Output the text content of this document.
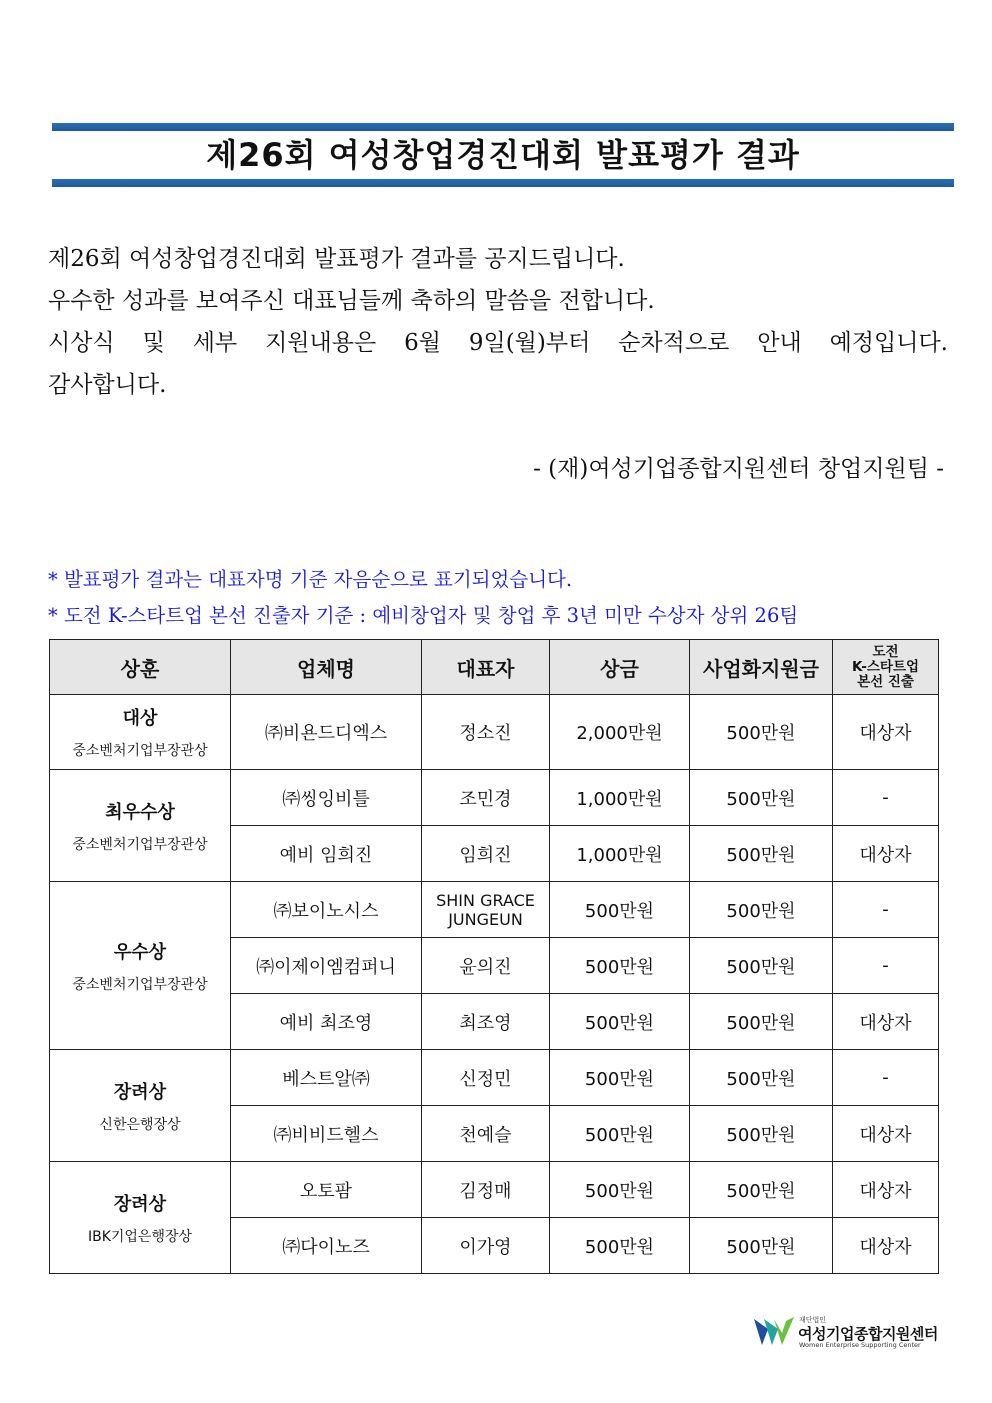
제26회 여성창업경진대회 발표평가 결과
제26회 여성창업경진대회 발표평가 결과를 공지드립니다.
우수한 성과를 보여주신 대표님들께 축하의 말씀을 전합니다.
시상식 및 세부 지원내용은 6월 9일(월)부터 순차적으로 안내 예정입니다.
감사합니다.
- (재)여성기업종합지원센터 창업지원팀 -
* 발표평가 결과는 대표자명 기준 자음순으로 표기되었습니다.
* 도전 K-스타트업 본선 진출자 기준 : 예비창업자 및 창업 후 3년 미만 수상자 상위 26팀
상훈	업체명	대표자	상금	사업화지원금	도전
K-스타트업
본선 진출

대상
중소벤처기업부장관상	㈜비욘드디엑스	정소진	2,000만원	500만원	대상자

최우수상
중소벤처기업부장관상	㈜씽잉비틀	조민경	1,000만원	500만원	-
	예비 임희진	임희진	1,000만원	500만원	대상자

우수상
중소벤처기업부장관상	㈜보이노시스	SHIN GRACE
JUNGEUN	500만원	500만원	-
	㈜이제이엠컴퍼니	윤의진	500만원	500만원	-
	예비 최조영	최조영	500만원	500만원	대상자

장려상
신한은행장상	베스트알㈜	신정민	500만원	500만원	-
	㈜비비드헬스	천예슬	500만원	500만원	대상자

장려상
IBK기업은행장상	오토팜	김정매	500만원	500만원	대상자
	㈜다이노즈	이가영	500만원	500만원	대상자
재단법인
여성기업종합지원센터
Women Enterprise Supporting Center
